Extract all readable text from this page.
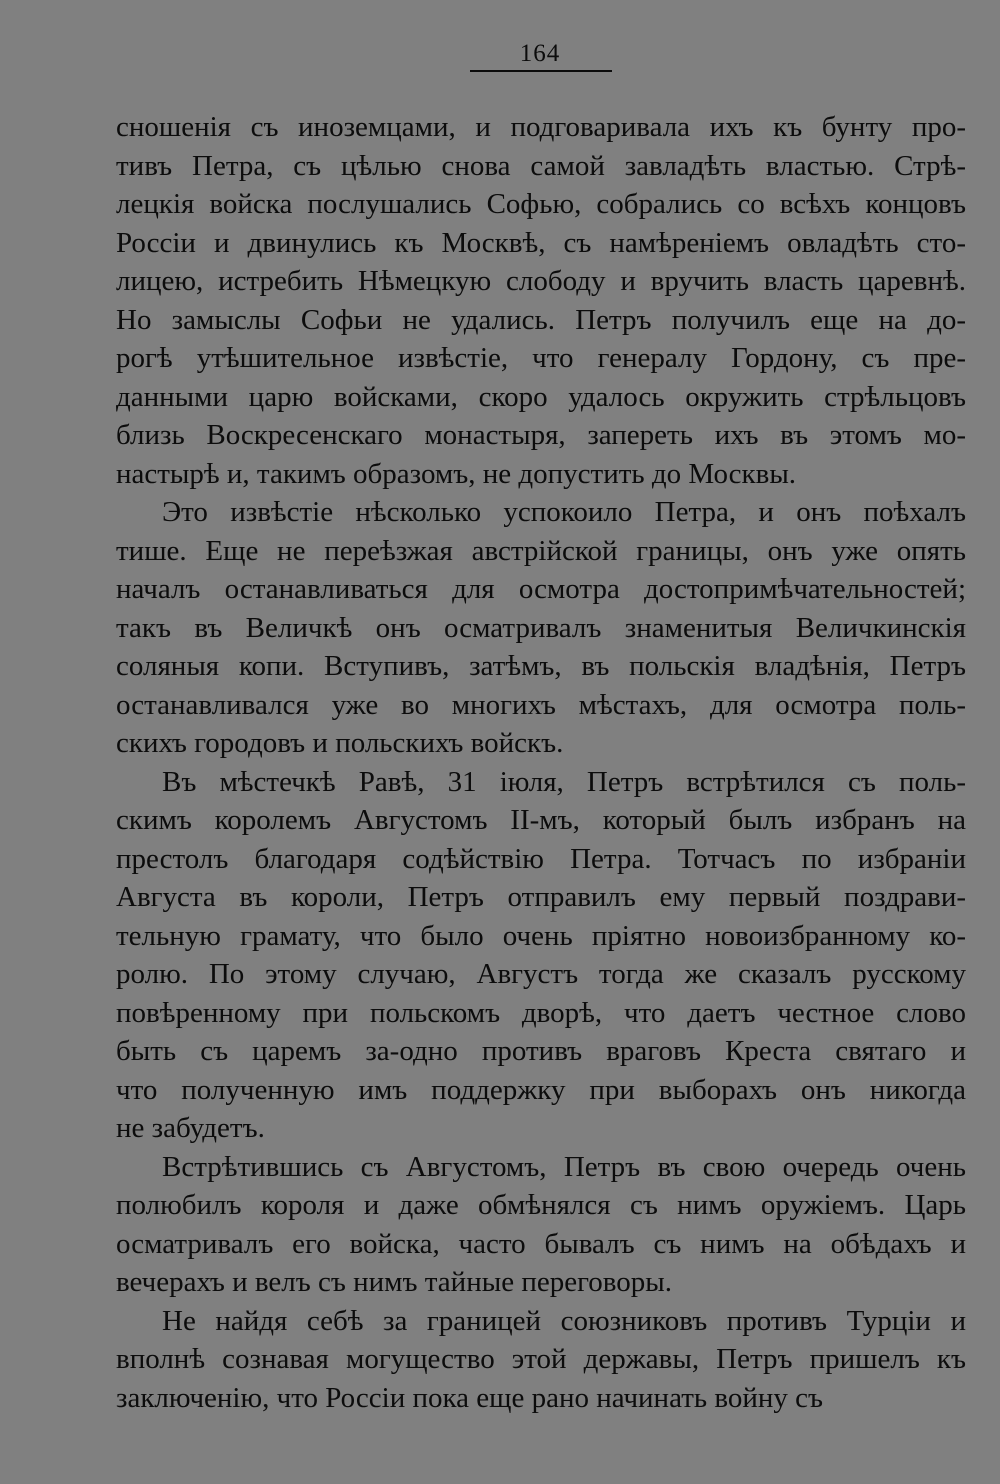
164
сношенія съ иноземцами, и подговаривала ихъ къ бунту про-
тивъ Петра, съ цѣлью снова самой завладѣть властью. Стрѣ-
лецкія войска послушались Софью, собрались со всѣхъ концовъ
Россіи и двинулись къ Москвѣ, съ намѣреніемъ овладѣть сто-
лицею, истребить Нѣмецкую слободу и вручить власть царевнѣ.
Но замыслы Софьи не удались. Петръ получилъ еще на до-
рогѣ утѣшительное извѣстіе, что генералу Гордону, съ пре-
данными царю войсками, скоро удалось окружить стрѣльцовъ
близь Воскресенскаго монастыря, запереть ихъ въ этомъ мо-
настырѣ и, такимъ образомъ, не допустить до Москвы.
Это извѣстіе нѣсколько успокоило Петра, и онъ поѣхалъ
тише. Еще не переѣзжая австрійской границы, онъ уже опять
началъ останавливаться для осмотра достопримѣчательностей;
такъ въ Величкѣ онъ осматривалъ знаменитыя Величкинскія
соляныя копи. Вступивъ, затѣмъ, въ польскія владѣнія, Петръ
останавливался уже во многихъ мѣстахъ, для осмотра поль-
скихъ городовъ и польскихъ войскъ.
Въ мѣстечкѣ Равѣ, 31 іюля, Петръ встрѣтился съ поль-
скимъ королемъ Августомъ II-мъ, который былъ избранъ на
престолъ благодаря содѣйствію Петра. Тотчасъ по избраніи
Августа въ короли, Петръ отправилъ ему первый поздрави-
тельную грамату, что было очень пріятно новоизбранному ко-
ролю. По этому случаю, Августъ тогда же сказалъ русскому
повѣренному при польскомъ дворѣ, что даетъ честное слово
быть съ царемъ за-одно противъ враговъ Креста святаго и
что полученную имъ поддержку при выборахъ онъ никогда
не забудетъ.
Встрѣтившись съ Августомъ, Петръ въ свою очередь очень
полюбилъ короля и даже обмѣнялся съ нимъ оружіемъ. Царь
осматривалъ его войска, часто бывалъ съ нимъ на обѣдахъ и
вечерахъ и велъ съ нимъ тайные переговоры.
Не найдя себѣ за границей союзниковъ противъ Турціи и
вполнѣ сознавая могущество этой державы, Петръ пришелъ къ
заключенію, что Россіи пока еще рано начинать войну съ
